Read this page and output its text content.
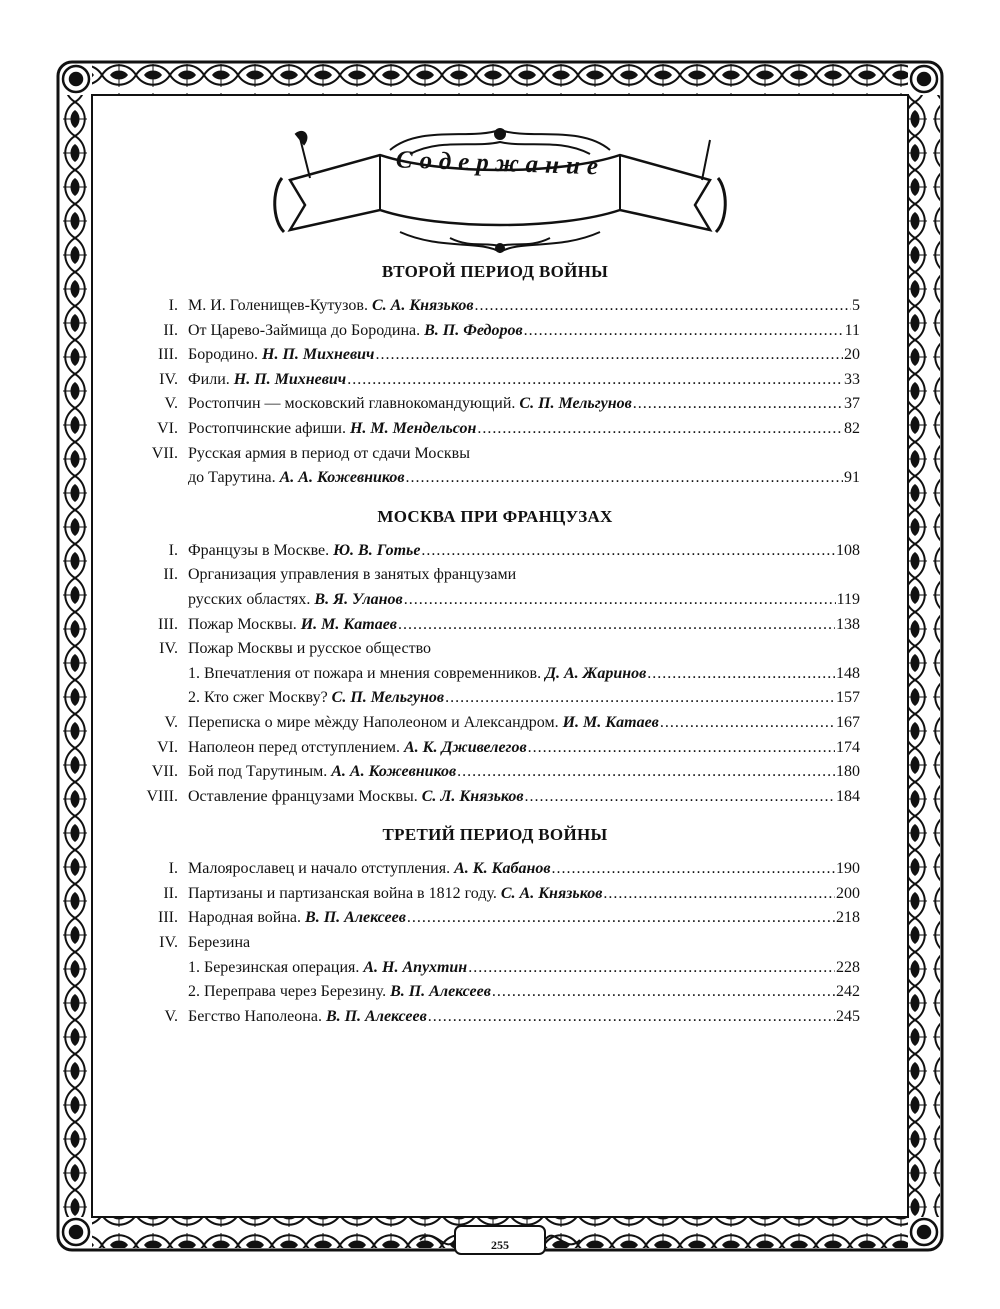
Содержание
ВТОРОЙ ПЕРИОД ВОЙНЫ
I. М. И. Голенищев-Кутузов. С. А. Князьков .....	5
II. От Царево-Займища до Бородина. В. П. Федоров .....	11
III. Бородино. Н. П. Михневич .....	20
IV. Фили. Н. П. Михневич .....	33
V. Ростопчин — московский главнокомандующий. С. П. Мельгунов .....	37
VI. Ростопчинские афиши. Н. М. Мендельсон .....	82
VII. Русская армия в период от сдачи Москвы
до Тарутина. А. А. Кожевников .....	91
МОСКВА ПРИ ФРАНЦУЗАХ
I. Французы в Москве. Ю. В. Готье .....	108
II. Организация управления в занятых французами
русских областях. В. Я. Уланов .....	119
III. Пожар Москвы. И. М. Катаев .....	138
IV. Пожар Москвы и русское общество
1. Впечатления от пожара и мнения современников. Д. А. Жаринов .....	148
2. Кто сжег Москву? С. П. Мельгунов .....	157
V. Переписка о мире мѐжду Наполеоном и Александром. И. М. Катаев .....	167
VI. Наполеон перед отступлением. А. К. Дживелегов .....	174
VII. Бой под Тарутиным. А. А. Кожевников .....	180
VIII. Оставление французами Москвы. С. Л. Князьков .....	184
ТРЕТИЙ ПЕРИОД ВОЙНЫ
I. Малоярославец и начало отступления. А. К. Кабанов .....	190
II. Партизаны и партизанская война в 1812 году. С. А. Князьков .....	200
III. Народная война. В. П. Алексеев .....	218
IV. Березина
1. Березинская операция. А. Н. Апухтин .....	228
2. Переправа через Березину. В. П. Алексеев .....	242
V. Бегство Наполеона. В. П. Алексеев .....	245
255
